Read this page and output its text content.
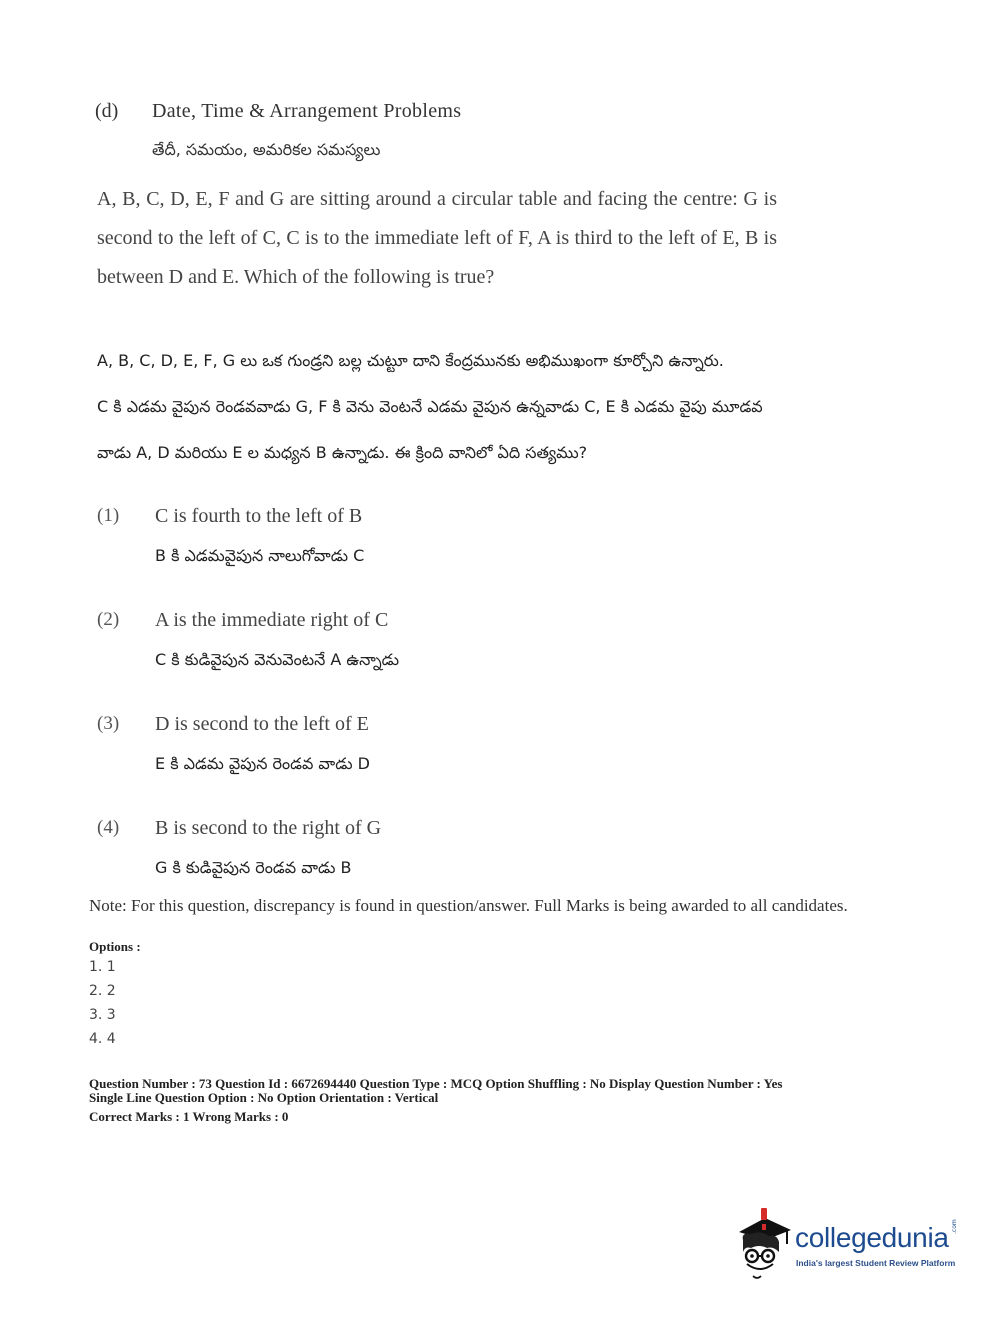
(d) Date, Time & Arrangement Problems
తేదీ, సమయం, అమరికల సమస్యలు
A, B, C, D, E, F and G are sitting around a circular table and facing the centre: G is second to the left of C, C is to the immediate left of F, A is third to the left of E, B is between D and E. Which of the following is true?
A, B, C, D, E, F, G లు ఒక గుండ్రని బల్ల చుట్టూ దాని కేంద్రమునకు అభిముఖంగా కూర్చోని ఉన్నారు.
C కి ఎడమ వైపున రెండవవాడు G, F కి వెను వెంటనే ఎడమ వైపున ఉన్నవాడు C, E కి ఎడమ వైపు మూడవ
వాడు A, D మరియు E ల మధ్యన B ఉన్నాడు. ఈ క్రింది వానిలో ఏది సత్యము?
(1) C is fourth to the left of B
B కి ఎడమవైపున నాలుగోవాడు C
(2) A is the immediate right of C
C కి కుడివైపున వెనువెంటనే A ఉన్నాడు
(3) D is second to the left of E
E కి ఎడమ వైపున రెండవ వాడు D
(4) B is second to the right of G
G కి కుడివైపున రెండవ వాడు B
Note: For this question, discrepancy is found in question/answer. Full Marks is being awarded to all candidates.
Options :
1. 1
2. 2
3. 3
4. 4
Question Number : 73 Question Id : 6672694440 Question Type : MCQ Option Shuffling : No Display Question Number : Yes
Single Line Question Option : No Option Orientation : Vertical
Correct Marks : 1 Wrong Marks : 0
collegedunia .com
India's largest Student Review Platform
